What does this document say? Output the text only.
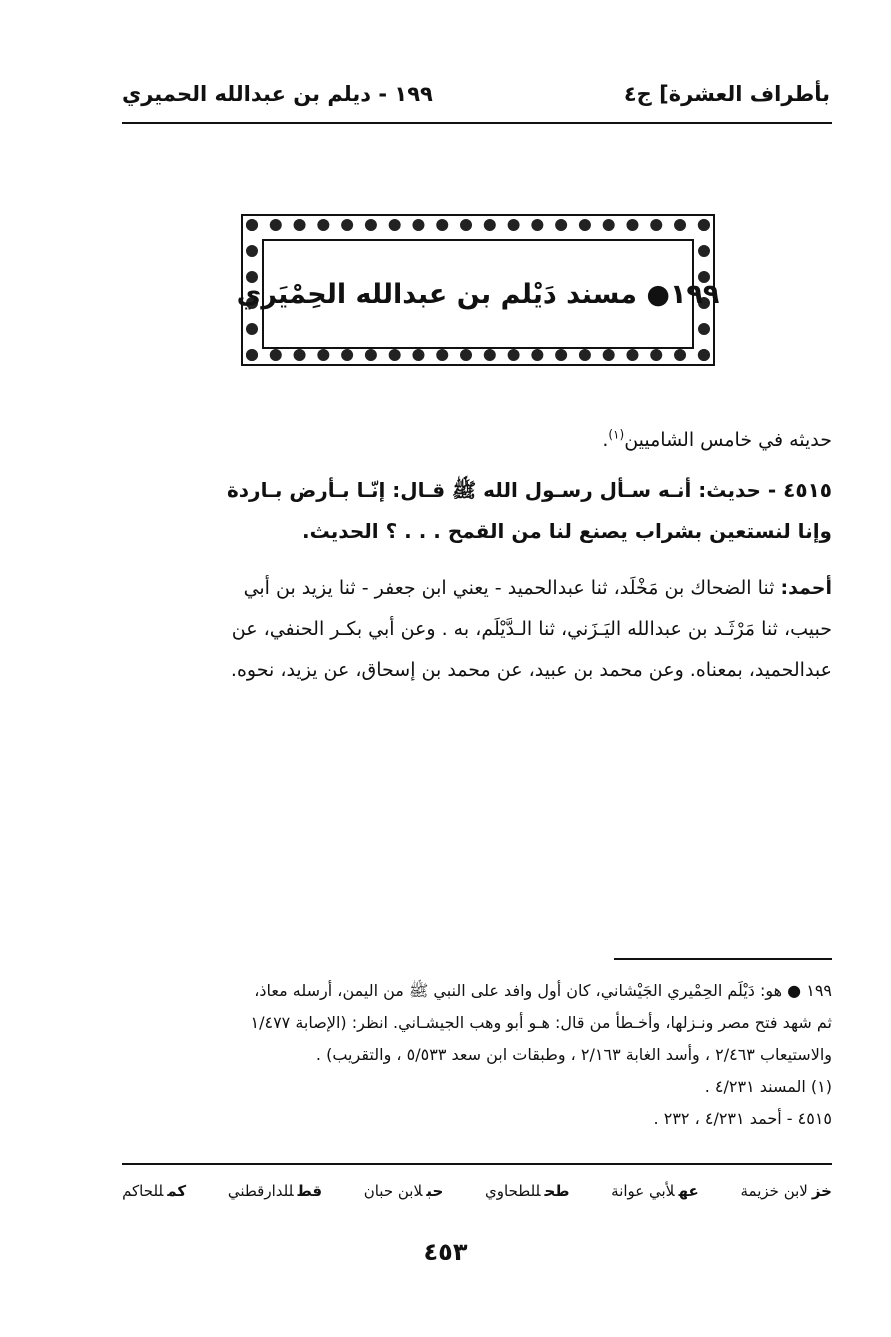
بأطراف العشرة] ج٤
١٩٩ - ديلم بن عبدالله الحميري
١٩٩● مسند دَيْلم بن عبدالله الحِمْيَري
حديثه في خامس الشاميين$^{(١)}$.
٤٥١٥ - حديث: أنـه سـأل رسـول الله ﷺ قـال: إنّـا بـأرض بـاردة
وإنا لنستعين بشراب يصنع لنا من القمح . . . ؟ الحديث.
أحمد: ثنا الضحاك بن مَخْلَد، ثنا عبدالحميد - يعني ابن جعفر - ثنا يزيد بن أبي
حبيب، ثنا مَرْثَـد بن عبدالله اليَـزَني، ثنا الـدَّيْلَم، به . وعن أبي بكـر الحنفي، عن
عبدالحميد، بمعناه. وعن محمد بن عبيد، عن محمد بن إسحاق، عن يزيد، نحوه.
١٩٩ ● هو: دَيْلَم الحِمْيري الجَيْشاني، كان أول وافد على النبي ﷺ من اليمن، أرسله معاذ،
ثم شهد فتح مصر ونـزلها، وأخـطأ من قال: هـو أبو وهب الجيشـاني. انظر: (الإصابة ١/٤٧٧
والاستيعاب ٢/٤٦٣ ، وأسد الغابة ٢/١٦٣ ، وطبقات ابن سعد ٥/٥٣٣ ، والتقريب) .
(١) المسند ٤/٢٣١ .
٤٥١٥ - أحمد ٤/٢٣١ ، ٢٣٢ .
خزلابن خزيمة
عهلأبي عوانة
طحللطحاوي
حبلابن حبان
قطللدارقطني
كمللحاكم
٤٥٣
